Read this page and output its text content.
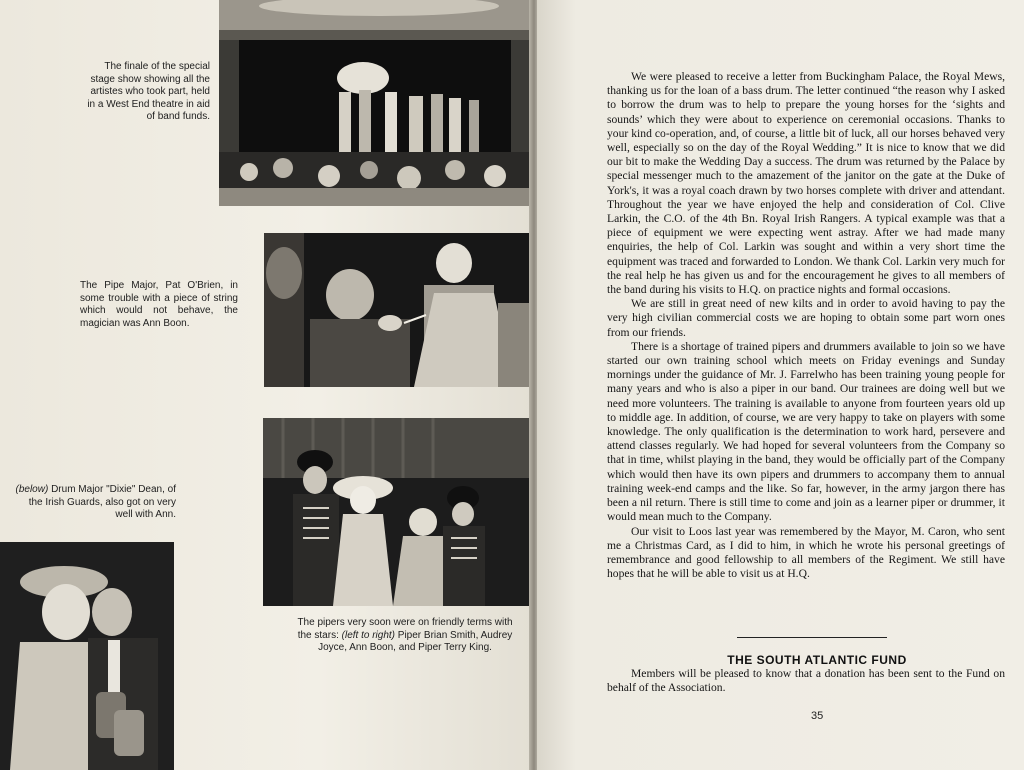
The finale of the special stage show showing all the artistes who took part, held in a West End theatre in aid of band funds.
The Pipe Major, Pat O'Brien, in some trouble with a piece of string which would not behave, the magician was Ann Boon.
The pipers very soon were on friendly terms with the stars: (left to right) Piper Brian Smith, Audrey Joyce, Ann Boon, and Piper Terry King.
(below) Drum Major "Dixie" Dean, of the Irish Guards, also got on very well with Ann.

We were pleased to receive a letter from Buckingham Palace, the Royal Mews, thanking us for the loan of a bass drum. The letter continued “the reason why I asked to borrow the drum was to help to prepare the young horses for the ‘sights and sounds’ which they were about to experience on ceremonial occasions. Thanks to your kind co-operation, and, of course, a little bit of luck, all our horses behaved very well, especially so on the day of the Royal Wedding.” It is nice to know that we did our bit to make the Wedding Day a success. The drum was returned by the Palace by special messenger much to the amazement of the janitor on the gate at the Duke of York's, it was a royal coach drawn by two horses complete with driver and attendant. Throughout the year we have enjoyed the help and consideration of Col. Clive Larkin, the C.O. of the 4th Bn. Royal Irish Rangers. A typical example was that a piece of equipment we were expecting went astray. After we had made many enquiries, the help of Col. Larkin was sought and within a very short time the equipment was traced and forwarded to London. We thank Col. Larkin very much for the real help he has given us and for the encouragement he gives to all members of the band during his visits to H.Q. on practice nights and formal occasions.

We are still in great need of new kilts and in order to avoid having to pay the very high civilian commercial costs we are hoping to obtain some part worn ones from our friends.

There is a shortage of trained pipers and drummers available to join so we have started our own training school which meets on Friday evenings and Sunday mornings under the guidance of Mr. J. Farrelwho has been training young people for many years and who is also a piper in our band. Our trainees are doing well but we need more volunteers. The training is available to anyone from fourteen years old up to middle age. In addition, of course, we are very happy to take on players with some knowledge. The only qualification is the determination to work hard, persevere and attend classes regularly. We had hoped for several volunteers from the Company so that in time, whilst playing in the band, they would be officially part of the Company which would then have its own pipers and drummers to accompany them to annual training week-end camps and the like. So far, however, in the army jargon there has been a nil return. There is still time to come and join as a learner piper or drummer, it would mean much to the Company.

Our visit to Loos last year was remembered by the Mayor, M. Caron, who sent me a Christmas Card, as I did to him, in which he wrote his personal greetings of remembrance and good fellowship to all members of the Regiment. We still have hopes that he will be able to visit us at H.Q.

THE SOUTH ATLANTIC FUND

Members will be pleased to know that a donation has been sent to the Fund on behalf of the Association.

35
